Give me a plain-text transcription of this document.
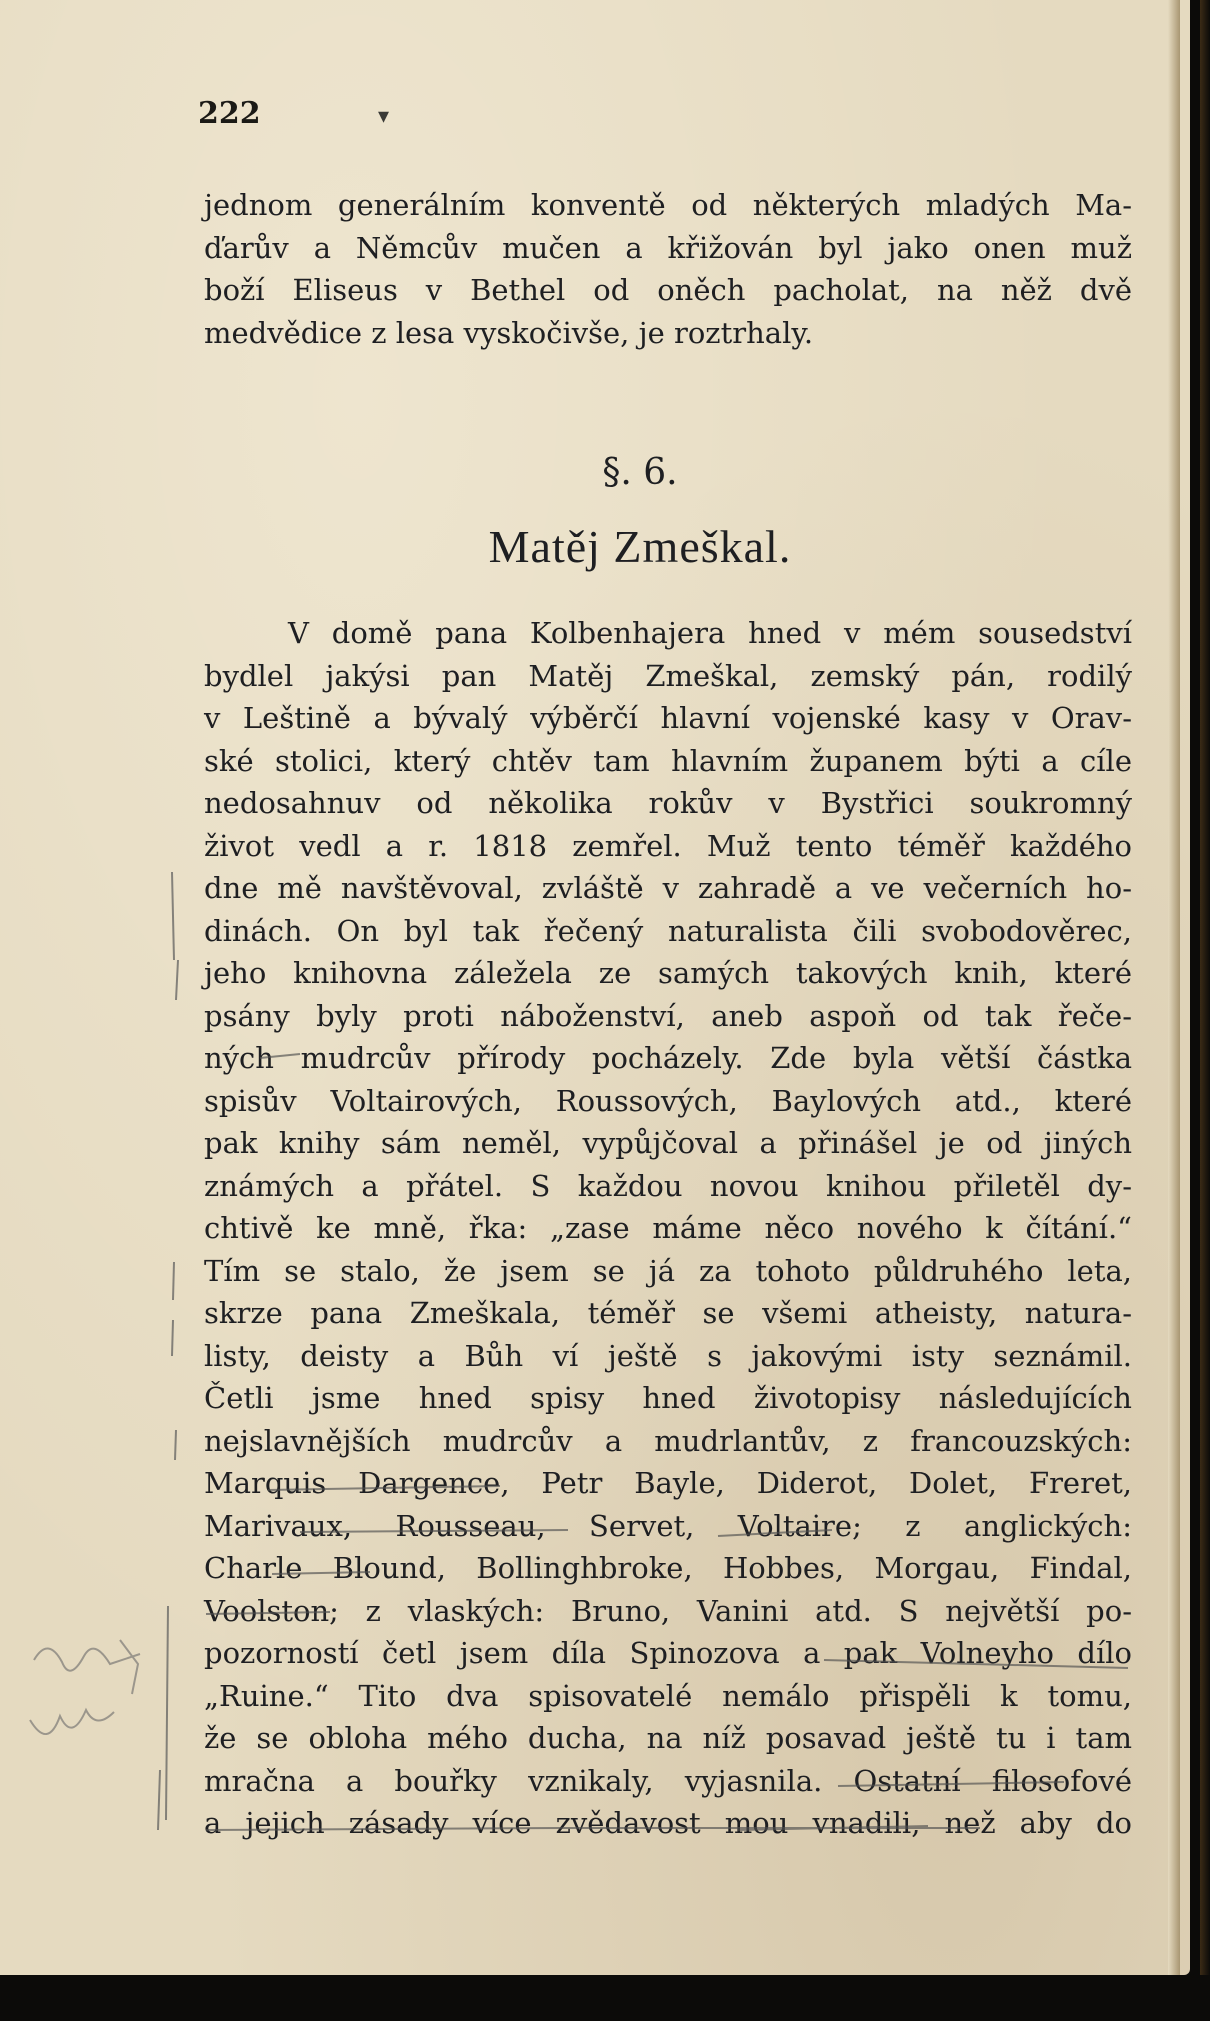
222	▾
jednom generálním konventě od některých mladých Ma-
ďarův a Němcův mučen a křižován byl jako onen muž
boží Eliseus v Bethel od oněch pacholat, na něž dvě
medvědice z lesa vyskočivše, je roztrhaly.
§. 6.
Matěj Zmeškal.
V domě pana Kolbenhajera hned v mém sousedství
bydlel jakýsi pan Matěj Zmeškal, zemský pán, rodilý
v Leštině a bývalý výběrčí hlavní vojenské kasy v Orav-
ské stolici, který chtěv tam hlavním županem býti a cíle
nedosahnuv od několika rokův v Bystřici soukromný
život vedl a r. 1818 zemřel. Muž tento téměř každého
dne mě navštěvoval, zvláště v zahradě a ve večerních ho-
dinách. On byl tak řečený naturalista čili svobodověrec,
jeho knihovna záležela ze samých takových knih, které
psány byly proti náboženství, aneb aspoň od tak řeče-
ných mudrcův přírody pocházely. Zde byla větší částka
spisův Voltairových, Roussových, Baylových atd., které
pak knihy sám neměl, vypůjčoval a přinášel je od jiných
známých a přátel. S každou novou knihou přiletěl dy-
chtivě ke mně, řka: „zase máme něco nového k čítání.“
Tím se stalo, že jsem se já za tohoto půldruhého leta,
skrze pana Zmeškala, téměř se všemi atheisty, natura-
listy, deisty a Bůh ví ještě s jakovými isty seznámil.
Četli jsme hned spisy hned životopisy následujících
nejslavnějších mudrcův a mudrlantův, z francouzských:
Marquis Dargence, Petr Bayle, Diderot, Dolet, Freret,
Marivaux, Rousseau, Servet, Voltaire; z anglických:
Charle Blound, Bollinghbroke, Hobbes, Morgau, Findal,
Voolston; z vlaských: Bruno, Vanini atd. S největší po-
pozorností četl jsem díla Spinozova a pak Volneyho dílo
„Ruine.“ Tito dva spisovatelé nemálo přispěli k tomu,
že se obloha mého ducha, na níž posavad ještě tu i tam
mračna a bouřky vznikaly, vyjasnila. Ostatní filosofové
a jejich zásady více zvědavost mou vnadili, než aby do
